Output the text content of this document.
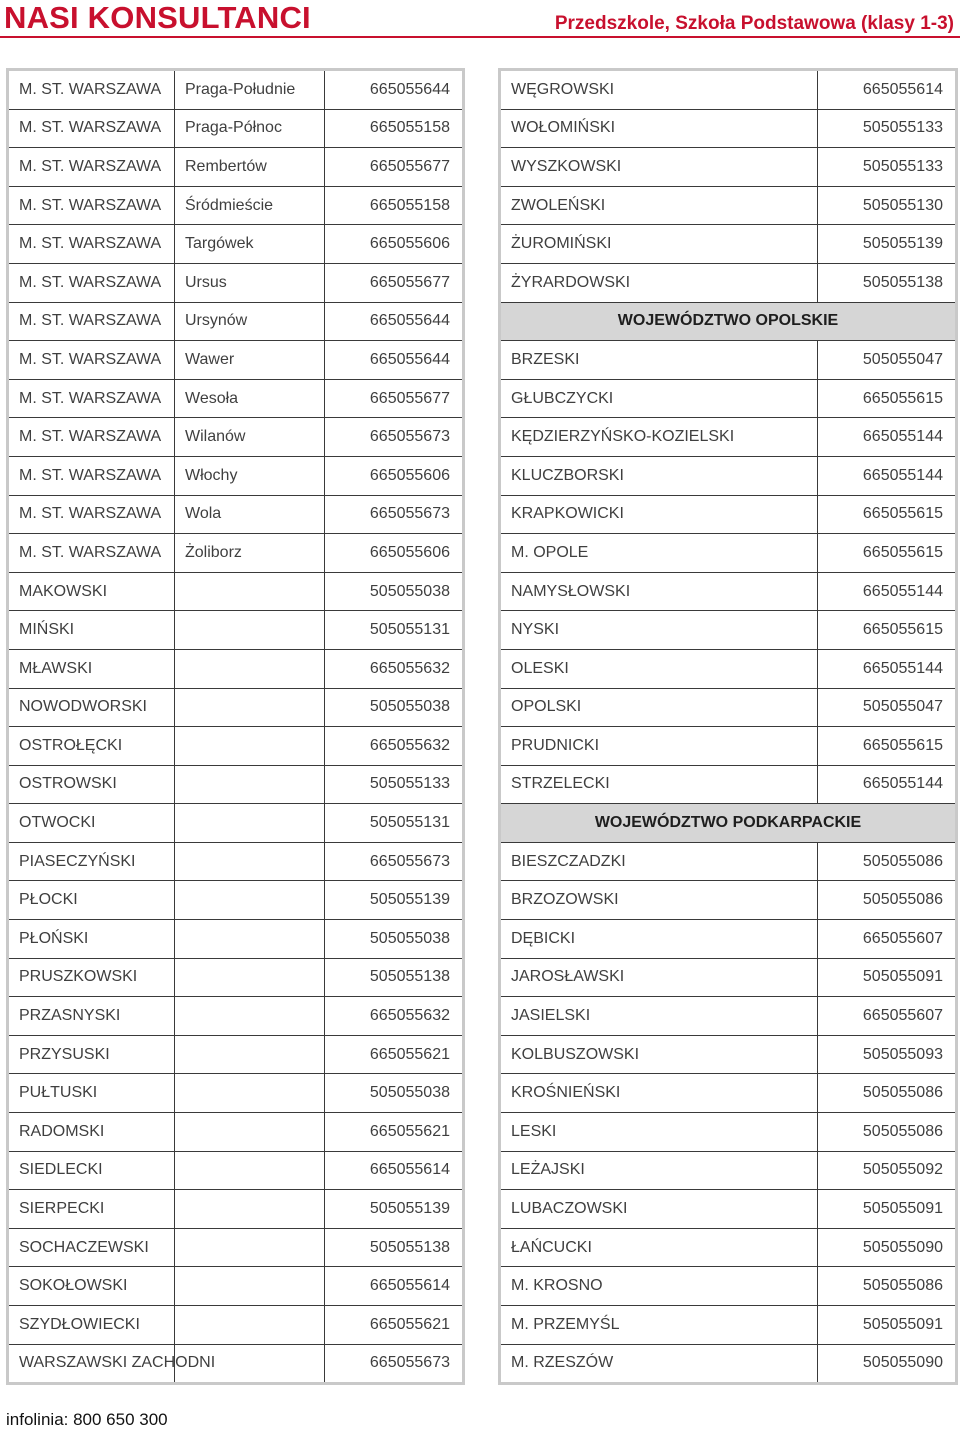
NASI KONSULTANCI	Przedszkole, Szkoła Podstawowa (klasy 1-3)
M. ST. WARSZAWA	Praga-Południe	665055644
M. ST. WARSZAWA	Praga-Północ	665055158
M. ST. WARSZAWA	Rembertów	665055677
M. ST. WARSZAWA	Śródmieście	665055158
M. ST. WARSZAWA	Targówek	665055606
M. ST. WARSZAWA	Ursus	665055677
M. ST. WARSZAWA	Ursynów	665055644
M. ST. WARSZAWA	Wawer	665055644
M. ST. WARSZAWA	Wesoła	665055677
M. ST. WARSZAWA	Wilanów	665055673
M. ST. WARSZAWA	Włochy	665055606
M. ST. WARSZAWA	Wola	665055673
M. ST. WARSZAWA	Żoliborz	665055606
MAKOWSKI		505055038
MIŃSKI		505055131
MŁAWSKI		665055632
NOWODWORSKI		505055038
OSTROŁĘCKI		665055632
OSTROWSKI		505055133
OTWOCKI		505055131
PIASECZYŃSKI		665055673
PŁOCKI		505055139
PŁOŃSKI		505055038
PRUSZKOWSKI		505055138
PRZASNYSKI		665055632
PRZYSUSKI		665055621
PUŁTUSKI		505055038
RADOMSKI		665055621
SIEDLECKI		665055614
SIERPECKI		505055139
SOCHACZEWSKI		505055138
SOKOŁOWSKI		665055614
SZYDŁOWIECKI		665055621
WARSZAWSKI ZACHODNI		665055673
WĘGROWSKI	665055614
WOŁOMIŃSKI	505055133
WYSZKOWSKI	505055133
ZWOLEŃSKI	505055130
ŻUROMIŃSKI	505055139
ŻYRARDOWSKI	505055138
WOJEWÓDZTWO OPOLSKIE	
BRZESKI	505055047
GŁUBCZYCKI	665055615
KĘDZIERZYŃSKO-KOZIELSKI	665055144
KLUCZBORSKI	665055144
KRAPKOWICKI	665055615
M. OPOLE	665055615
NAMYSŁOWSKI	665055144
NYSKI	665055615
OLESKI	665055144
OPOLSKI	505055047
PRUDNICKI	665055615
STRZELECKI	665055144
WOJEWÓDZTWO PODKARPACKIE	
BIESZCZADZKI	505055086
BRZOZOWSKI	505055086
DĘBICKI	665055607
JAROSŁAWSKI	505055091
JASIELSKI	665055607
KOLBUSZOWSKI	505055093
KROŚNIEŃSKI	505055086
LESKI	505055086
LEŻAJSKI	505055092
LUBACZOWSKI	505055091
ŁAŃCUCKI	505055090
M. KROSNO	505055086
M. PRZEMYŚL	505055091
M. RZESZÓW	505055090
infolinia: 800 650 300
